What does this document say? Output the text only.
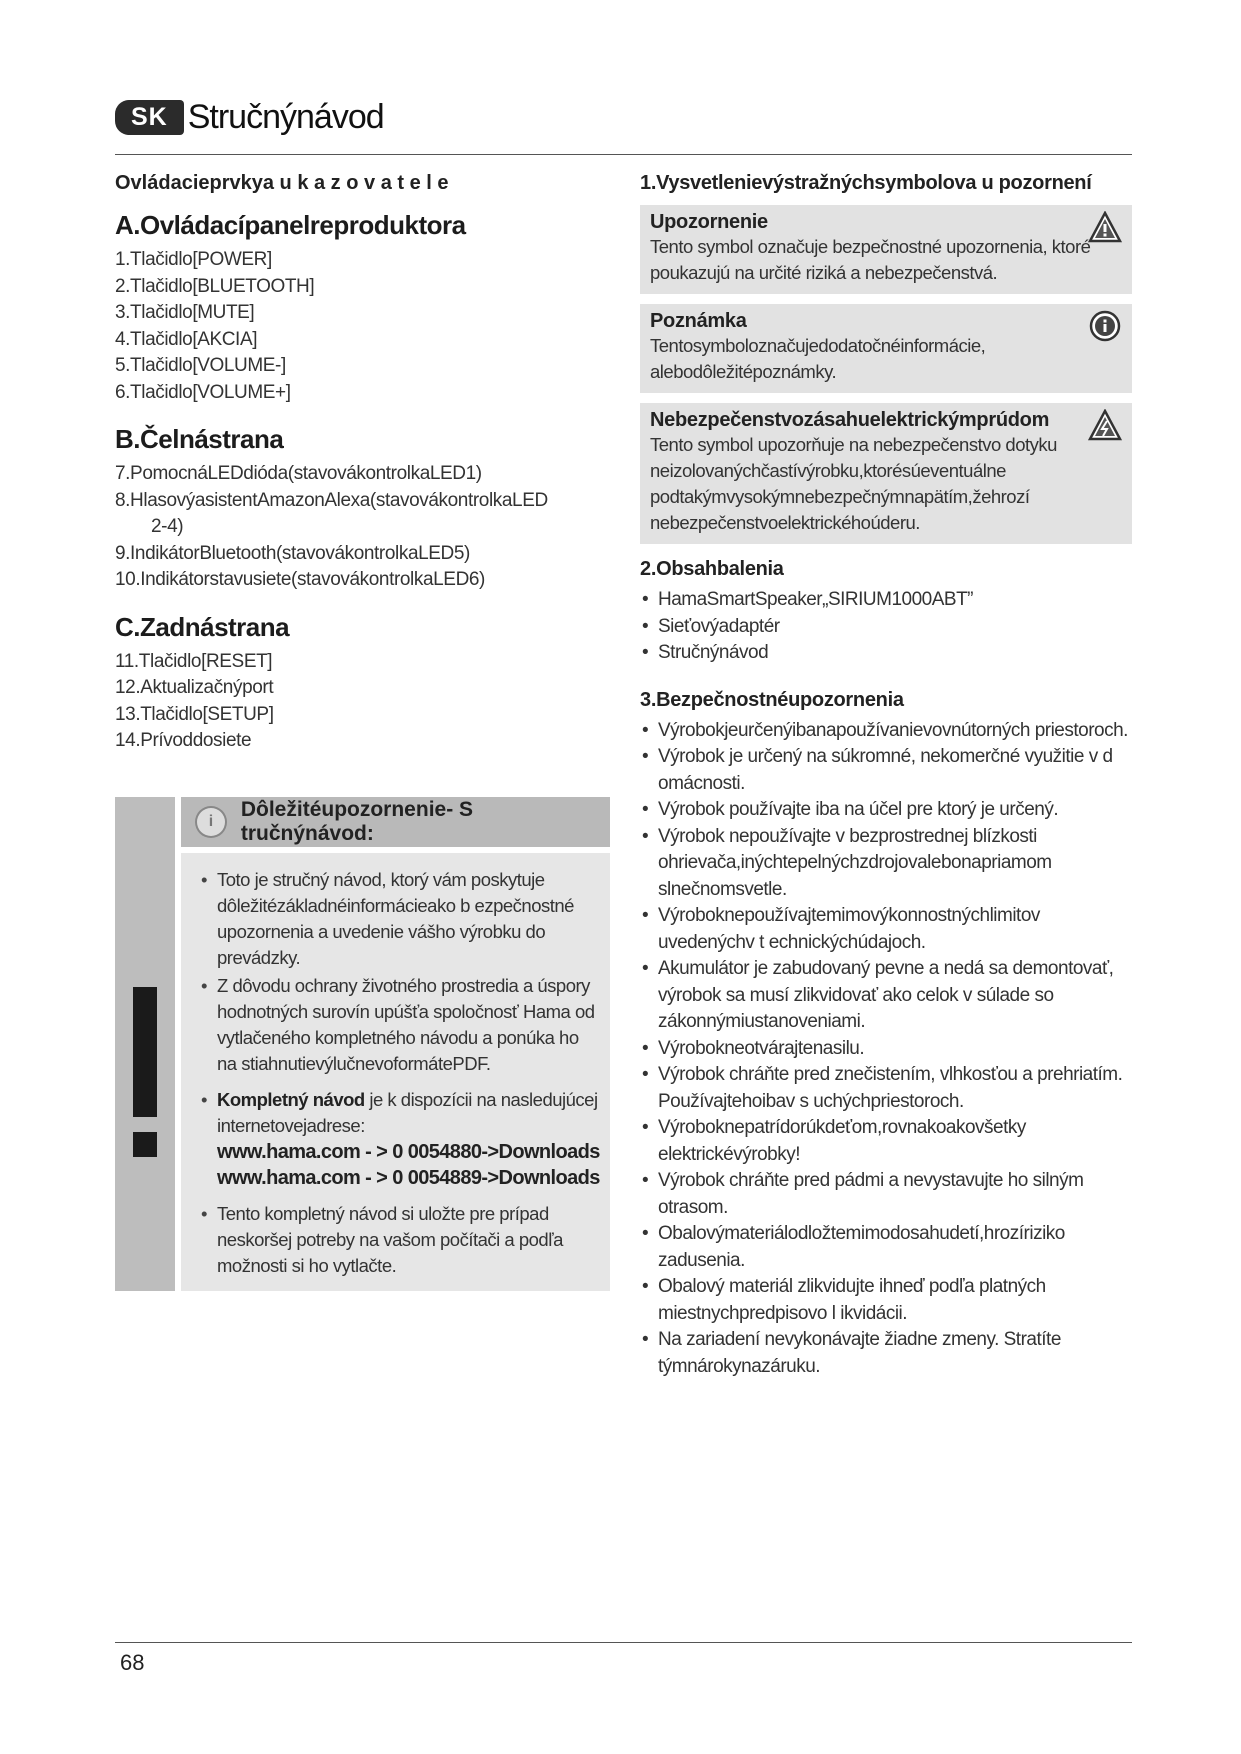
SK Stručnýnávod
Ovládacieprvkya u k a z o v a t e l e
A.Ovládacípanelreproduktora
1.Tlačidlo[POWER]
2.Tlačidlo[BLUETOOTH]
3.Tlačidlo[MUTE]
4.Tlačidlo[AKCIA]
5.Tlačidlo[VOLUME-]
6.Tlačidlo[VOLUME+]
B.Čelnástrana
7.PomocnáLEDdióda(stavovákontrolkaLED1)
8.HlasovýasistentAmazonAlexa(stavovákontrolkaLED
2-4)
9.IndikátorBluetooth(stavovákontrolkaLED5)
10.Indikátorstavusiete(stavovákontrolkaLED6)
C.Zadnástrana
11.Tlačidlo[RESET]
12.Aktualizačnýport
13.Tlačidlo[SETUP]
14.Prívoddosiete
i
Dôležitéupozornenie- S tručnýnávod:
• Toto je stručný návod, ktorý vám poskytuje dôležitézákladnéinformácieako b ezpečnostné upozornenia a uvedenie vášho výrobku do prevádzky.
• Z dôvodu ochrany životného prostredia a úspory hodnotných surovín upúšťa spoločnosť Hama od vytlačeného kompletného návodu a ponúka ho na stiahnutievýlučnevoformátePDF.
• Kompletný návod je k dispozícii na nasledujúcej internetovejadrese:
www.hama.com - > 0 0054880->Downloads
www.hama.com - > 0 0054889->Downloads
• Tento kompletný návod si uložte pre prípad neskoršej potreby na vašom počítači a podľa možnosti si ho vytlačte.
1.Vysvetlenievýstražnýchsymbolova u pozornení
Upozornenie
Tento symbol označuje bezpečnostné upozornenia, ktoré poukazujú na určité riziká a nebezpečenstvá.
Poznámka
Tentosymboloznačujedodatočnéinformácie, alebodôležitépoznámky.
Nebezpečenstvozásahuelektrickýmprúdom
Tento symbol upozorňuje na nebezpečenstvo dotyku neizolovanýchčastívýrobku,ktorésúeventuálne podtakýmvysokýmnebezpečnýmnapätím,žehrozí nebezpečenstvoelektrickéhoúderu.
2.Obsahbalenia
• HamaSmartSpeaker„SIRIUM1000ABT”
• Sieťovýadaptér
• Stručnýnávod
3.Bezpečnostnéupozornenia
• Výrobokjeurčenýibanapoužívanievovnútorných priestoroch.
• Výrobok je určený na súkromné, nekomerčné využitie v d omácnosti.
• Výrobok používajte iba na účel pre ktorý je určený.
• Výrobok nepoužívajte v bezprostrednej blízkosti ohrievača,inýchtepelnýchzdrojovalebonapriamom slnečnomsvetle.
• Výrobokneрoužívajtemimovýkonnostnýchlimitov uvedenýchv t echnickýchúdajoch.
• Akumulátor je zabudovaný pevne a nedá sa demontovať, výrobok sa musí zlikvidovať ako celok v súlade so zákonnýmiustanoveniami.
• Výrobokneotvárajtenasilu.
• Výrobok chráňte pred znečistením, vlhkosťou a prehriatím. Používajtehoibav s uchýchpriestoroch.
• Výrobokneрatrídorúkdeťom,rovnakoakovšetky elektrickévýrobky!
• Výrobok chráňte pred pádmi a nevystavujte ho silným otrasom.
• Obalovýmateriálodložtemimodosahudetí,hrozíriziko zadusenia.
• Obalový materiál zlikvidujte ihneď podľa platných miestnychpredpisovo l ikvidácii.
• Na zariadení nevykonávajte žiadne zmeny. Stratíte týmnárokynazáruku.
68
